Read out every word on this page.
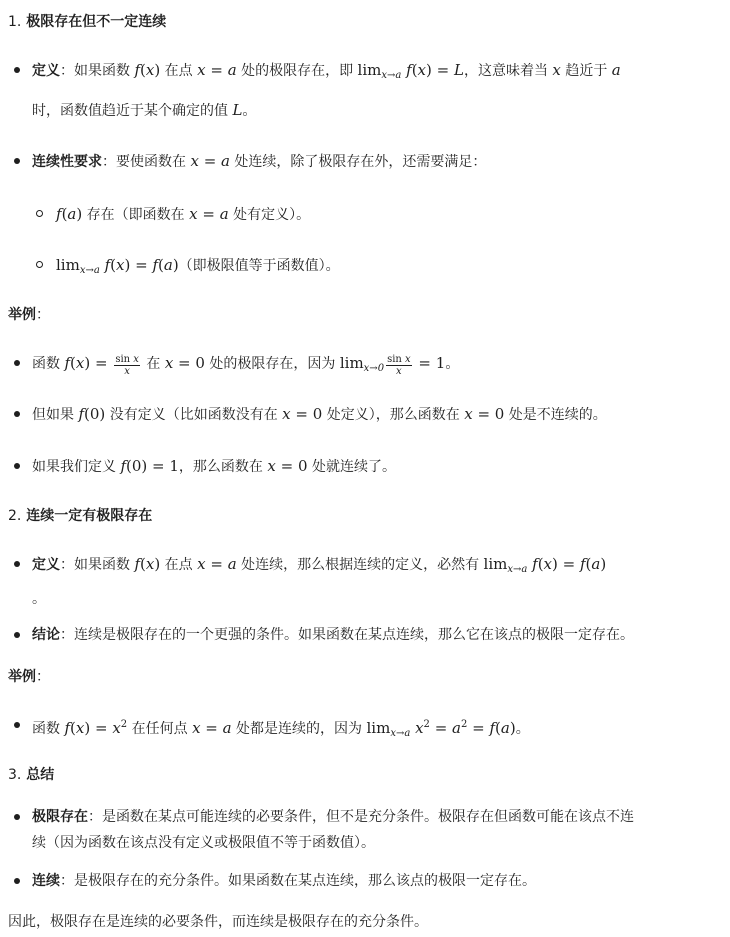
1. 极限存在但不一定连续
定义：如果函数 f(x) 在点 x = a 处的极限存在，即 $\lim_{x\to a} f(x) = L$，这意味着当 x 趋近于 a
时，函数值趋近于某个确定的值 L。
连续性要求：要使函数在 x = a 处连续，除了极限存在外，还需要满足：
f(a) 存在（即函数在 x = a 处有定义）。
$\lim_{x\to a} f(x) = f(a)$（即极限值等于函数值）。
举例：
函数 $f(x) = \frac{\text{sin x}}{x}$ 在 x = 0 处的极限存在，因为 $\lim_{x\to 0} \frac{\text{sin x}}{x} = 1$。
但如果 f(0) 没有定义（比如函数没有在 x = 0 处定义），那么函数在 x = 0 处是不连续的。
如果我们定义 f(0) = 1，那么函数在 x = 0 处就连续了。
2. 连续一定有极限存在
定义：如果函数 f(x) 在点 x = a 处连续，那么根据连续的定义，必然有 $\lim_{x\to a} f(x) = f(a)$
。
结论：连续是极限存在的一个更强的条件。如果函数在某点连续，那么它在该点的极限一定存在。
举例：
函数 $f(x) = x^2$ 在任何点 x = a 处都是连续的，因为 $\lim_{x\to a} x^2 = a^2 = f(a)$。
3. 总结
极限存在：是函数在某点可能连续的必要条件，但不是充分条件。极限存在但函数可能在该点不连
续（因为函数在该点没有定义或极限值不等于函数值）。
连续：是极限存在的充分条件。如果函数在某点连续，那么该点的极限一定存在。
因此，极限存在是连续的必要条件，而连续是极限存在的充分条件。
